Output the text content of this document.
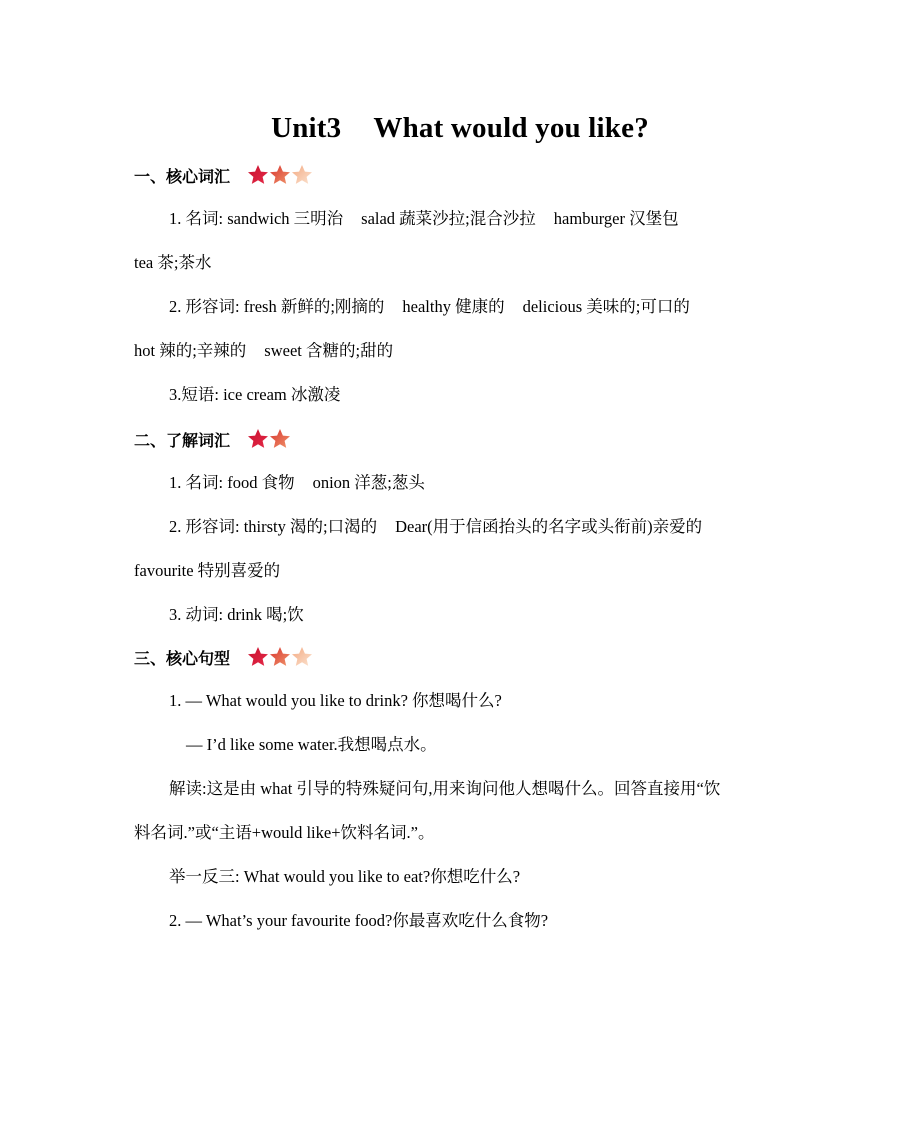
Unit3 What would you like?
一、核心词汇
1. 名词: sandwich 三明治 salad 蔬菜沙拉;混合沙拉 hamburger 汉堡包
tea 茶;茶水
2. 形容词: fresh 新鲜的;刚摘的 healthy 健康的 delicious 美味的;可口的
hot 辣的;辛辣的 sweet 含糖的;甜的
3.短语: ice cream 冰激凌
二、了解词汇
1. 名词: food 食物 onion 洋葱;葱头
2. 形容词: thirsty 渴的;口渴的 Dear(用于信函抬头的名字或头衔前)亲爱的
favourite 特别喜爱的
3. 动词: drink 喝;饮
三、核心句型
1. — What would you like to drink? 你想喝什么?
— I’d like some water.我想喝点水。
解读:这是由 what 引导的特殊疑问句,用来询问他人想喝什么。回答直接用“饮
料名词.”或“主语+would like+饮料名词.”。
举一反三: What would you like to eat?你想吃什么?
2. — What’s your favourite food?你最喜欢吃什么食物?
